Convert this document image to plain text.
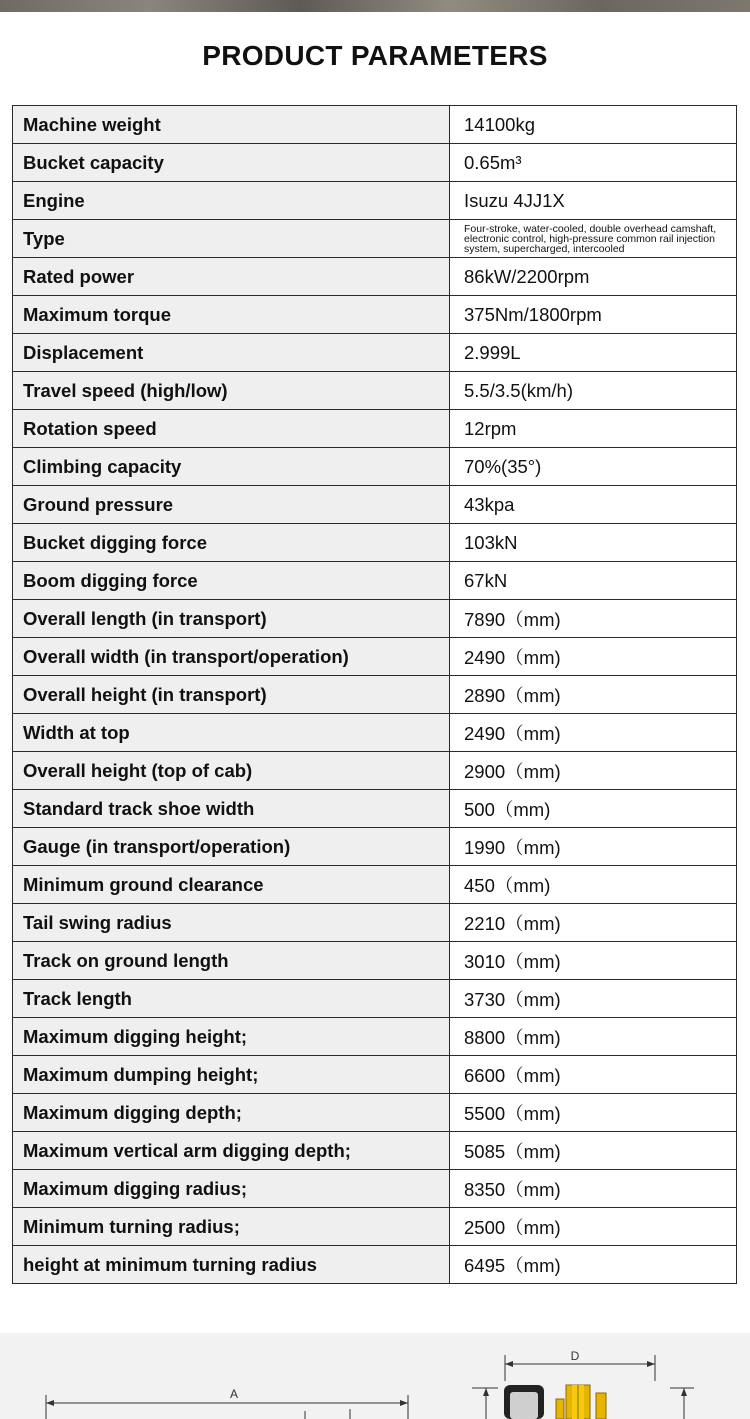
PRODUCT PARAMETERS
Machine weight	14100kg
Bucket capacity	0.65m³
Engine	Isuzu 4JJ1X
Type	Four-stroke, water-cooled, double overhead camshaft, electronic control, high-pressure common rail injection system, supercharged, intercooled
Rated power	86kW/2200rpm
Maximum torque	375Nm/1800rpm
Displacement	2.999L
Travel speed (high/low)	5.5/3.5(km/h)
Rotation speed	12rpm
Climbing capacity	70%(35°)
Ground pressure	43kpa
Bucket digging force	103kN
Boom digging force	67kN
Overall length (in transport)	7890（mm)
Overall width (in transport/operation)	2490（mm)
Overall height (in transport)	2890（mm)
Width at top	2490（mm)
Overall height (top of cab)	2900（mm)
Standard track shoe width	500（mm)
Gauge (in transport/operation)	1990（mm)
Minimum ground clearance	450（mm)
Tail swing radius	2210（mm)
Track on ground length	3010（mm)
Track length	3730（mm)
Maximum digging height;	8800（mm)
Maximum dumping height;	6600（mm)
Maximum digging depth;	5500（mm)
Maximum vertical arm digging depth;	5085（mm)
Maximum digging radius;	8350（mm)
Minimum turning radius;	2500（mm)
height at minimum turning radius	6495（mm)
A
D
